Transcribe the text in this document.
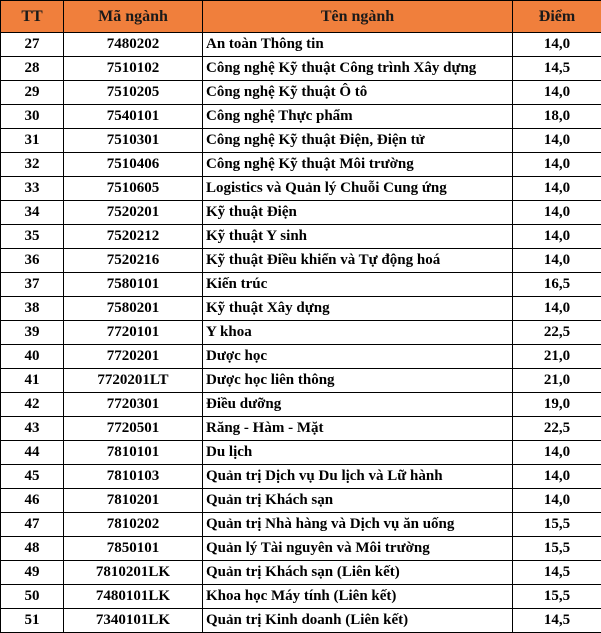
TT	Mã ngành	Tên ngành	Điểm
27	7480202	An toàn Thông tin	14,0
28	7510102	Công nghệ Kỹ thuật Công trình Xây dựng	14,5
29	7510205	Công nghệ Kỹ thuật Ô tô	14,0
30	7540101	Công nghệ Thực phẩm	18,0
31	7510301	Công nghệ Kỹ thuật Điện, Điện tử	14,0
32	7510406	Công nghệ Kỹ thuật Môi trường	14,0
33	7510605	Logistics và Quản lý Chuỗi Cung ứng	14,0
34	7520201	Kỹ thuật Điện	14,0
35	7520212	Kỹ thuật Y sinh	14,0
36	7520216	Kỹ thuật Điều khiển và Tự động hoá	14,0
37	7580101	Kiến trúc	16,5
38	7580201	Kỹ thuật Xây dựng	14,0
39	7720101	Y khoa	22,5
40	7720201	Dược học	21,0
41	7720201LT	Dược học liên thông	21,0
42	7720301	Điều dưỡng	19,0
43	7720501	Răng - Hàm - Mặt	22,5
44	7810101	Du lịch	14,0
45	7810103	Quản trị Dịch vụ Du lịch và Lữ hành	14,0
46	7810201	Quản trị Khách sạn	14,0
47	7810202	Quản trị Nhà hàng và Dịch vụ ăn uống	15,5
48	7850101	Quản lý Tài nguyên và Môi trường	15,5
49	7810201LK	Quản trị Khách sạn (Liên kết)	14,5
50	7480101LK	Khoa học Máy tính (Liên kết)	15,5
51	7340101LK	Quản trị Kinh doanh (Liên kết)	14,5
